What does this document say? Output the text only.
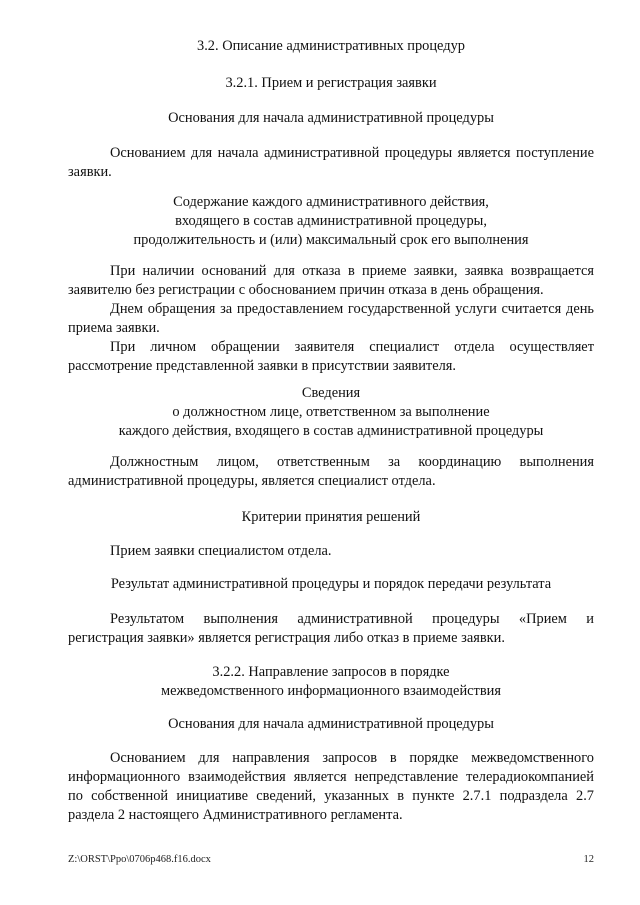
3.2. Описание административных процедур

3.2.1. Прием и регистрация заявки

Основания для начала административной процедуры

Основанием для начала административной процедуры является поступление заявки.

Содержание каждого административного действия,
входящего в состав административной процедуры,
продолжительность и (или) максимальный срок его выполнения

При наличии оснований для отказа в приеме заявки, заявка возвращается заявителю без регистрации с обоснованием причин отказа в день обращения.

Днем обращения за предоставлением государственной услуги считается день приема заявки.

При личном обращении заявителя специалист отдела осуществляет рассмотрение представленной заявки в присутствии заявителя.

Сведения
о должностном лице, ответственном за выполнение
каждого действия, входящего в состав административной процедуры

Должностным лицом, ответственным за координацию выполнения административной процедуры, является специалист отдела.

Критерии принятия решений

Прием заявки специалистом отдела.

Результат административной процедуры и порядок передачи результата

Результатом выполнения административной процедуры «Прием и регистрация заявки» является регистрация либо отказ в приеме заявки.

3.2.2. Направление запросов в порядке
межведомственного информационного взаимодействия

Основания для начала административной процедуры

Основанием для направления запросов в порядке межведомственного информационного взаимодействия является непредставление телерадиокомпанией по собственной инициативе сведений, указанных в пункте 2.7.1 подраздела 2.7 раздела 2 настоящего Административного регламента.

Z:\ORST\Ppo\0706p468.f16.docx	12
